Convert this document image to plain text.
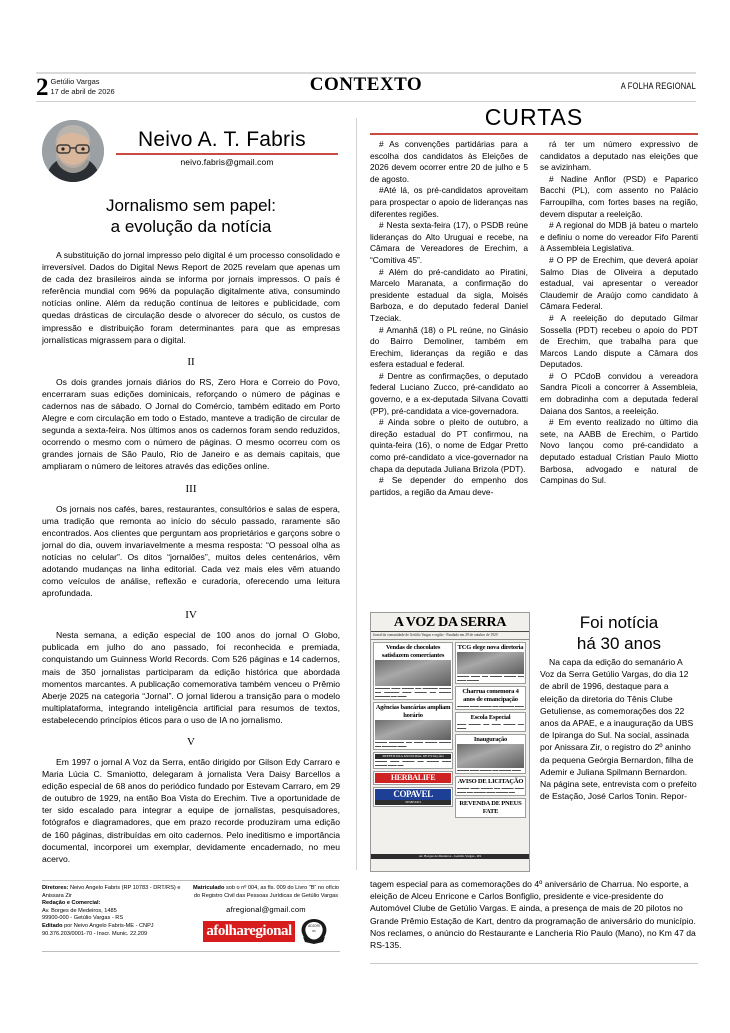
2 Getúlio Vargas
17 de abril de 2026	CONTEXTO	A FOLHA REGIONAL
Neivo A. T. Fabris
neivo.fabris@gmail.com
Jornalismo sem papel:
a evolução da notícia

A substituição do jornal impresso pelo digital é um processo consolidado e irreversível. Dados do Digital News Report de 2025 revelam que apenas um de cada dez brasileiros ainda se informa por jornais impressos. O país é referência mundial com 96% da população digitalmente ativa, consumindo notícias online. Além da redução contínua de leitores e publicidade, com quedas drásticas de circulação desde o alvorecer do século, os custos de impressão e distribuição foram determinantes para que as empresas jornalísticas migrassem para o digital.

II

Os dois grandes jornais diários do RS, Zero Hora e Correio do Povo, encerraram suas edições dominicais, reforçando o número de páginas e cadernos nas de sábado. O Jornal do Comércio, também editado em Porto Alegre e com circulação em todo o Estado, manteve a tradição de circular de segunda a sexta-feira. Nos últimos anos os cadernos foram sendo reduzidos, ocorrendo o mesmo com o número de páginas. O mesmo ocorreu com os grandes jornais de São Paulo, Rio de Janeiro e as demais capitais, que ampliaram o número de leitores através das edições online.

III

Os jornais nos cafés, bares, restaurantes, consultórios e salas de espera, uma tradição que remonta ao início do século passado, raramente são encontrados. Aos clientes que perguntam aos proprietários e garçons sobre o jornal do dia, ouvem invariavelmente a mesma resposta: “O pessoal olha as notícias no celular”. Os ditos “jornalões”, muitos deles centenários, vêm adotando mudanças na linha editorial. Cada vez mais eles vêm atuando como veículos de análise, reflexão e curadoria, oferecendo uma leitura aprofundada.

IV

Nesta semana, a edição especial de 100 anos do jornal O Globo, publicada em julho do ano passado, foi reconhecida e premiada, conquistando um Guinness World Records. Com 526 páginas e 14 cadernos, mais de 350 jornalistas participaram da edição histórica que abordada momentos marcantes. A publicação comemorativa também venceu o Prêmio Aberje 2025 na categoria “Jornal”. O jornal liderou a transição para o modelo multiplataforma, integrando inteligência artificial para resumos de textos, estabelecendo princípios éticos para o uso de IA no jornalismo.

V

Em 1997 o jornal A Voz da Serra, então dirigido por Gilson Edy Carraro e Maria Lúcia C. Smaniotto, delegaram à jornalista Vera Daisy Barcellos a edição especial de 68 anos do periódico fundado por Estevam Carraro, em 29 de outubro de 1929, na então Boa Vista do Erechim. Tive a oportunidade de ter sido escalado para integrar a equipe de jornalistas, pesquisadores, fotógrafos e diagramadores, que em prazo recorde produziram uma edição de 160 páginas, distribuídas em oito cadernos. Pelo ineditismo e importância documental, incorporei um exemplar, devidamente encadernado, no meu acervo.

Diretores: Neivo Angelo Fabris (RP 10783 - DRT/RS) e Anissara Zir
Redação e Comercial:
Av. Borges de Medeiros, 1485
99900-000 - Getúlio Vargas - RS
Editado por Neivo Angelo Fabris-ME - CNPJ
90.376.203/0001-70 - Inscr. Munic. 22.209
Matriculado sob o nº 004, as fls. 009 do Livro “B” no ofício do Registro Civil das Pessoas Jurídicas de Getúlio Vargas
afregional@gmail.com
afolharegional	ADJORI
RS
CURTAS

# As convenções partidárias para a escolha dos candidatos às Eleições de 2026 devem ocorrer entre 20 de julho e 5 de agosto.

#Até lá, os pré-candidatos aproveitam para prospectar o apoio de lideranças nas diferentes regiões.

# Nesta sexta-feira (17), o PSDB reúne lideranças do Alto Uruguai e recebe, na Câmara de Vereadores de Erechim, a “Comitiva 45”.

# Além do pré-candidato ao Piratini, Marcelo Maranata, a confirmação do presidente estadual da sigla, Moisés Barboza, e do deputado federal Daniel Tzeciak.

# Amanhã (18) o PL reúne, no Ginásio do Bairro Demoliner, também em Erechim, lideranças da região e das esfera estadual e federal.

# Dentre as confirmações, o deputado federal Luciano Zucco, pré-candidato ao governo, e a ex-deputada Silvana Covatti (PP), pré-candidata a vice-governadora.

# Ainda sobre o pleito de outubro, a direção estadual do PT confirmou, na quinta-feira (16), o nome de Edgar Pretto como pré-candidato a vice-governador na chapa da deputada Juliana Brizola (PDT).

# Se depender do empenho dos partidos, a região da Amau deve-

rá ter um número expressivo de candidatos a deputado nas eleições que se avizinham.

# Nadine Anflor (PSD) e Paparico Bacchi (PL), com assento no Palácio Farroupilha, com fortes bases na região, devem disputar a reeleição.

# A regional do MDB já bateu o martelo e definiu o nome do vereador Fifo Parenti à Assembleia Legislativa.

# O PP de Erechim, que deverá apoiar Salmo Dias de Oliveira a deputado estadual, vai apresentar o vereador Claudemir de Araújo como candidato à Câmara Federal.

# A reeleição do deputado Gilmar Sossella (PDT) recebeu o apoio do PDT de Erechim, que trabalha para que Marcos Lando dispute a Câmara dos Deputados.

# O PCdoB convidou a vereadora Sandra Picoli a concorrer à Assembleia, em dobradinha com a deputada federal Daiana dos Santos, a reeleição.

# Em evento realizado no último dia sete, na AABB de Erechim, o Partido Novo lançou como pré-candidato a deputado estadual Cristian Paulo Miotto Barbosa, advogado e natural de Campinas do Sul.

A VOZ DA SERRA
Jornal da comunidade de Getúlio Vargas e região - Fundado em 29 de outubro de 1929
Vendas de chocolates satisfazem comerciantes
▬▬▬▬▬ ▬▬▬ ▬▬▬▬ ▬▬ ▬▬▬▬▬ ▬▬▬▬ ▬▬ ▬▬▬▬▬ ▬▬▬ ▬▬▬▬ ▬▬ ▬▬▬▬ ▬▬▬▬▬ ▬▬ ▬▬▬
Agências bancárias ampliam horário
▬▬▬▬ ▬▬▬▬▬ ▬▬ ▬▬▬ ▬▬▬▬ ▬▬▬▬ ▬▬ ▬▬▬▬▬ ▬▬▬
PREFEITURA MUNICIPAL DE ESTAÇÃO
▬▬▬▬ ▬▬▬ ▬▬▬▬ ▬▬ ▬▬▬▬ ▬▬▬ ▬▬▬▬ ▬▬▬ ▬▬
HERBALIFE
COPAVEL
SEMEATO
TCG elege nova diretoria
▬▬▬▬ ▬▬▬ ▬▬ ▬▬▬▬ ▬▬▬▬ ▬▬ ▬▬▬ ▬▬▬▬
Charrua comemora 4 anos de emancipação
▬▬▬▬ ▬▬▬ ▬▬▬▬ ▬▬ ▬▬▬▬▬ ▬▬▬
Escola Especial
▬▬▬ ▬▬▬▬ ▬▬ ▬▬▬ ▬▬▬▬ ▬▬ ▬▬▬
Inauguração
▬▬▬▬ ▬▬▬ ▬▬▬▬ ▬▬ ▬▬▬▬ ▬▬▬
AVISO DE LICITAÇÃO
▬▬▬▬ ▬▬▬ ▬▬▬▬ ▬▬ ▬▬▬▬ ▬▬▬ ▬▬▬ ▬▬ ▬▬▬▬ ▬▬▬ ▬▬▬▬ ▬▬
REVENDA DE PNEUS
FATE
Av. Borges de Medeiros - Getúlio Vargas - RS
Foi notícia
há 30 anos

Na capa da edição do semanário A Voz da Serra Getúlio Vargas, do dia 12 de abril de 1996, destaque para a eleição da diretoria do Tênis Clube Getuliense, as comemorações dos 22 anos da APAE, e a inauguração da UBS de Ipiranga do Sul. Na social, assinada por Anissara Zir, o registro do 2º aninho da pequena Geórgia Bernardon, filha de Ademir e Juliana Spilmann Bernardon. Na página sete, entrevista com o prefeito de Estação, José Carlos Tonin. Repor-

tagem especial para as comemorações do 4º aniversário de Charrua. No esporte, a eleição de Alceu Enricone e Carlos Bonfiglio, presidente e vice-presidente do Automóvel Clube de Getúlio Vargas. E ainda, a presença de mais de 20 pilotos no Grande Prêmio Estação de Kart, dentro da programação de aniversário do município. Nos reclames, o anúncio do Restaurante e Lancheria Rio Paulo (Mano), no Km 47 da RS-135.
